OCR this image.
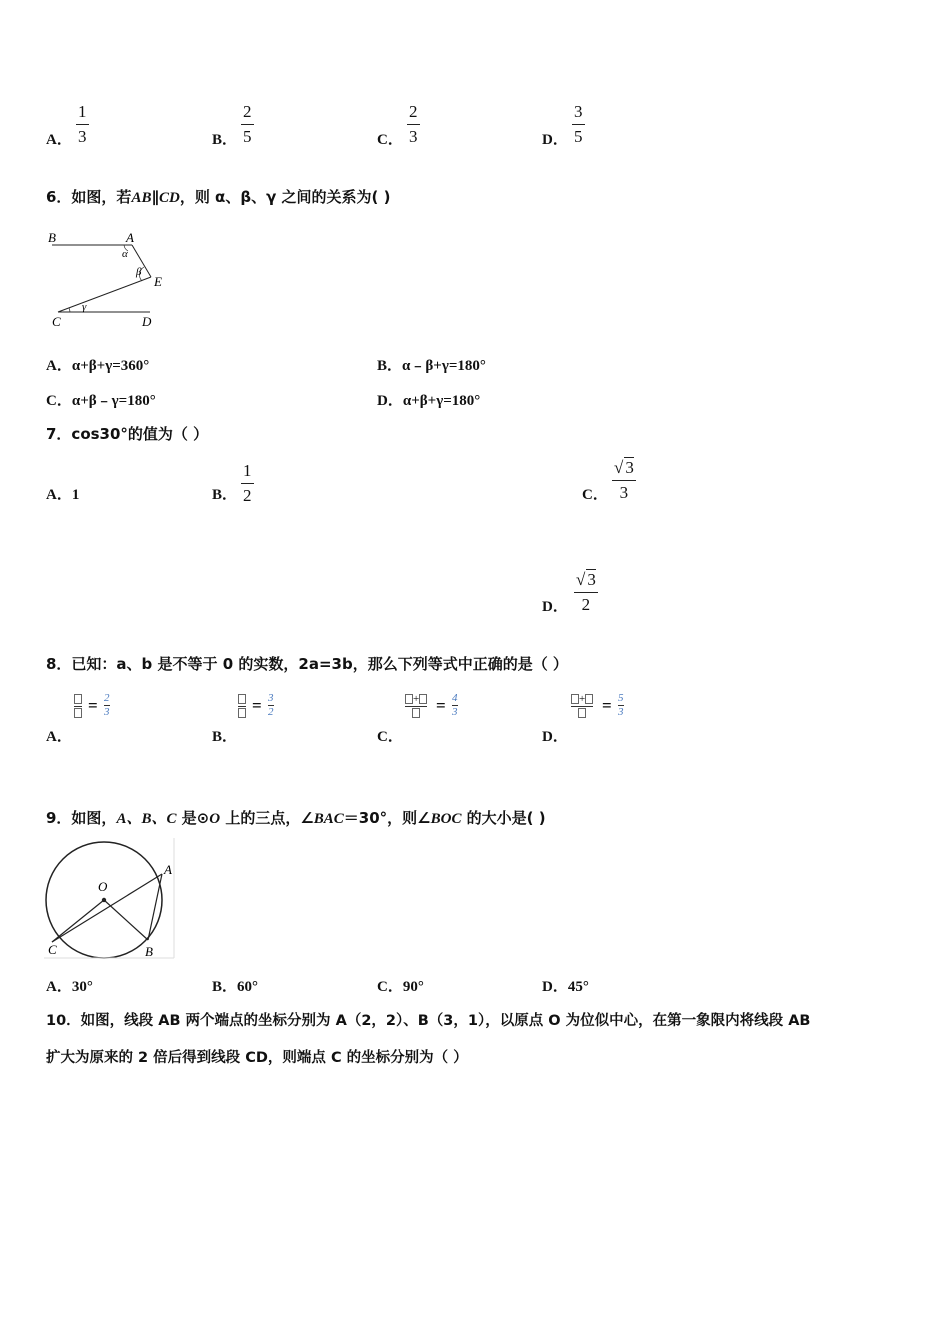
A．
1
3	B．
2
5	C．
2
3	D．
3
5
6．如图，若AB∥CD，则 α、β、γ 之间的关系为( )
B	A
α
β
E
C
γ
D
A．α+β+γ=360°	B．α﹣β+γ=180°
C．α+β﹣γ=180°	D．α+β+γ=180°
7．cos30°的值为（ ）
A．1	B．
1
2	C．
√ 3
3
D．
√ 3
2
8．已知：a、b 是不等于 0 的实数，2a=3b，那么下列等式中正确的是（ ）
= 2
3
A．
= 3
2
B．
+ = 4
3
C．
+ = 5
3
D．
9．如图，A、B、C 是⊙O 上的三点，∠BAC＝30°，则∠BOC 的大小是( )
O
A
B
C
A．30°	B．60°	C．90°	D．45°
10．如图，线段 AB 两个端点的坐标分别为 A（2，2）、B（3，1），以原点 O 为位似中心，在第一象限内将线段 AB
扩大为原来的 2 倍后得到线段 CD，则端点 C 的坐标分别为（ ）
